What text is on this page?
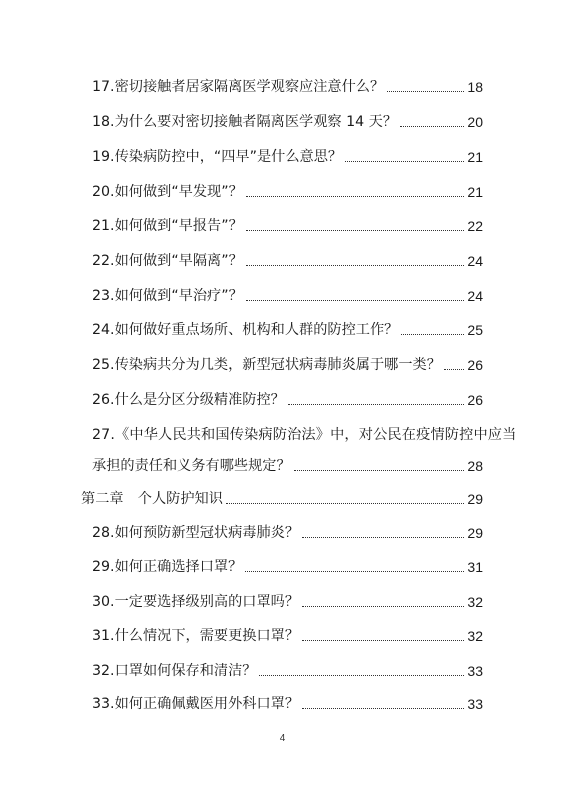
17.密切接触者居家隔离医学观察应注意什么？	18
18.为什么要对密切接触者隔离医学观察 14 天？	20
19.传染病防控中，“四早”是什么意思？	21
20.如何做到“早发现”？	21
21.如何做到“早报告”？	22
22.如何做到“早隔离”？	24
23.如何做到“早治疗”？	24
24.如何做好重点场所、机构和人群的防控工作？	25
25.传染病共分为几类，新型冠状病毒肺炎属于哪一类？ 26
26.什么是分区分级精准防控？	26
27.《中华人民共和国传染病防治法》中，对公民在疫情防控中应当
承担的责任和义务有哪些规定？	28
第二章　个人防护知识	29
28.如何预防新型冠状病毒肺炎？	29
29.如何正确选择口罩？	31
30.一定要选择级别高的口罩吗？	32
31.什么情况下，需要更换口罩？	32
32.口罩如何保存和清洁？	33
33.如何正确佩戴医用外科口罩？	33
4
